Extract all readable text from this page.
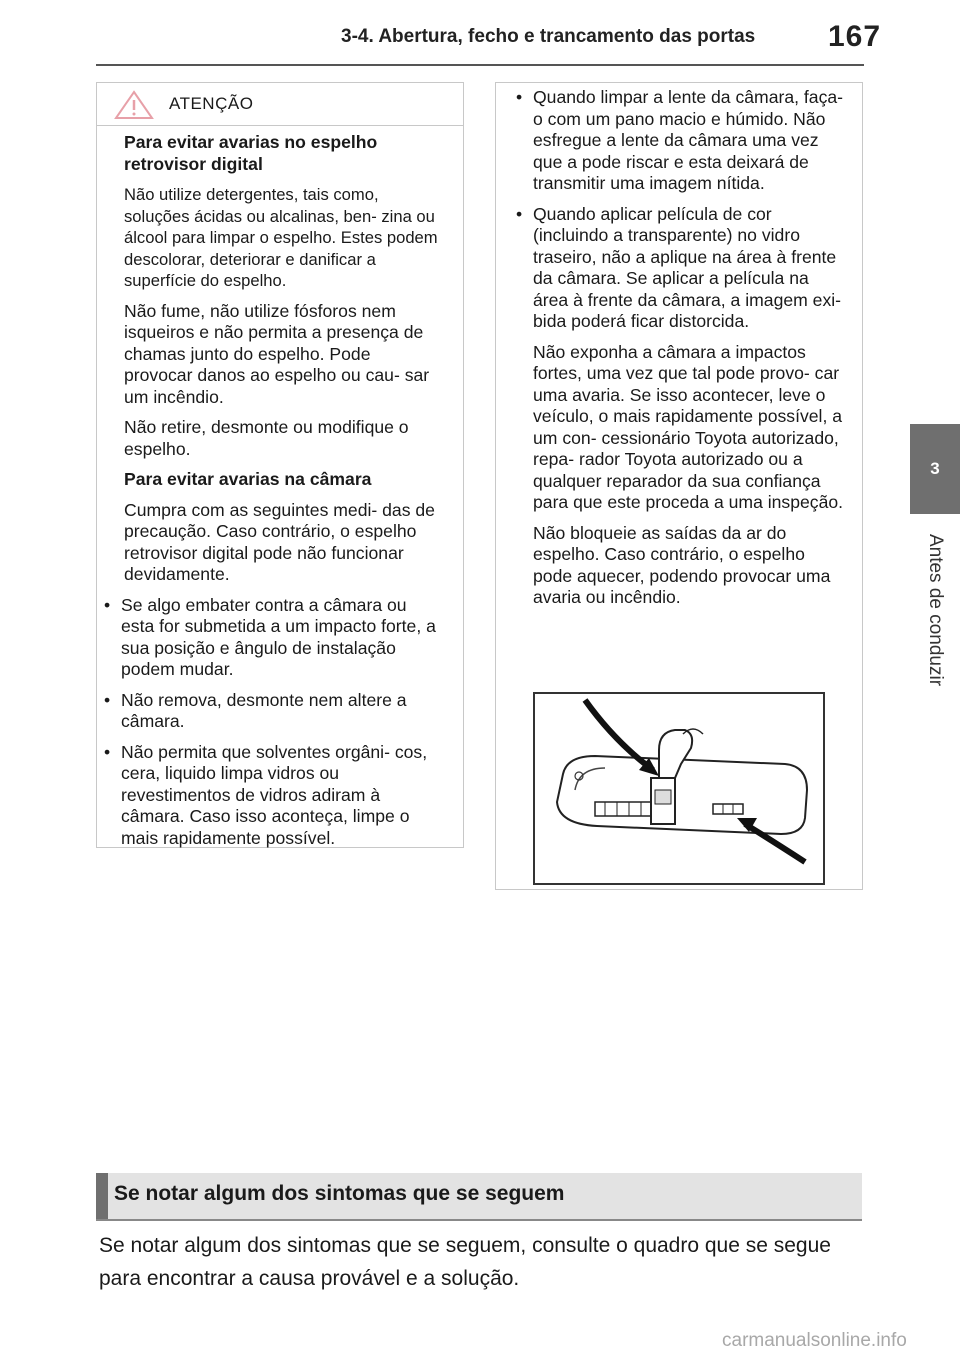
3-4. Abertura, fecho e trancamento das portas 167
3
Antes de conduzir
ATENÇÃO

Para evitar avarias no espelho retrovisor digital

Não utilize detergentes, tais como, soluções ácidas ou alcalinas, ben- zina ou álcool para limpar o espelho. Estes podem descolorar, deteriorar e danificar a superfície do espelho.

Não fume, não utilize fósforos nem isqueiros e não permita a presença de chamas junto do espelho. Pode provocar danos ao espelho ou cau- sar um incêndio.

Não retire, desmonte ou modifique o espelho.

Para evitar avarias na câmara

Cumpra com as seguintes medi- das de precaução. Caso contrário, o espelho retrovisor digital pode não funcionar devidamente.

• Se algo embater contra a câmara ou esta for submetida a um impacto forte, a sua posição e ângulo de instalação podem mudar.

• Não remova, desmonte nem altere a câmara.

• Não permita que solventes orgâni- cos, cera, liquido limpa vidros ou revestimentos de vidros adiram à câmara. Caso isso aconteça, limpe o mais rapidamente possível.

• Quando limpar a lente da câmara, faça-o com um pano macio e húmido. Não esfregue a lente da câmara uma vez que a pode riscar e esta deixará de transmitir uma imagem nítida.

• Quando aplicar película de cor (incluindo a transparente) no vidro traseiro, não a aplique na área à frente da câmara. Se aplicar a película na área à frente da câmara, a imagem exi- bida poderá ficar distorcida.

Não exponha a câmara a impactos fortes, uma vez que tal pode provo- car uma avaria. Se isso acontecer, leve o veículo, o mais rapidamente possível, a um con- cessionário Toyota autorizado, repa- rador Toyota autorizado ou a qualquer reparador da sua confiança para que este proceda a uma inspeção.

Não bloqueie as saídas da ar do espelho. Caso contrário, o espelho pode aquecer, podendo provocar uma avaria ou incêndio.

Se notar algum dos sintomas que se seguem
Se notar algum dos sintomas que se seguem, consulte o quadro que se segue para encontrar a causa provável e a solução.
carmanualsonline.info
